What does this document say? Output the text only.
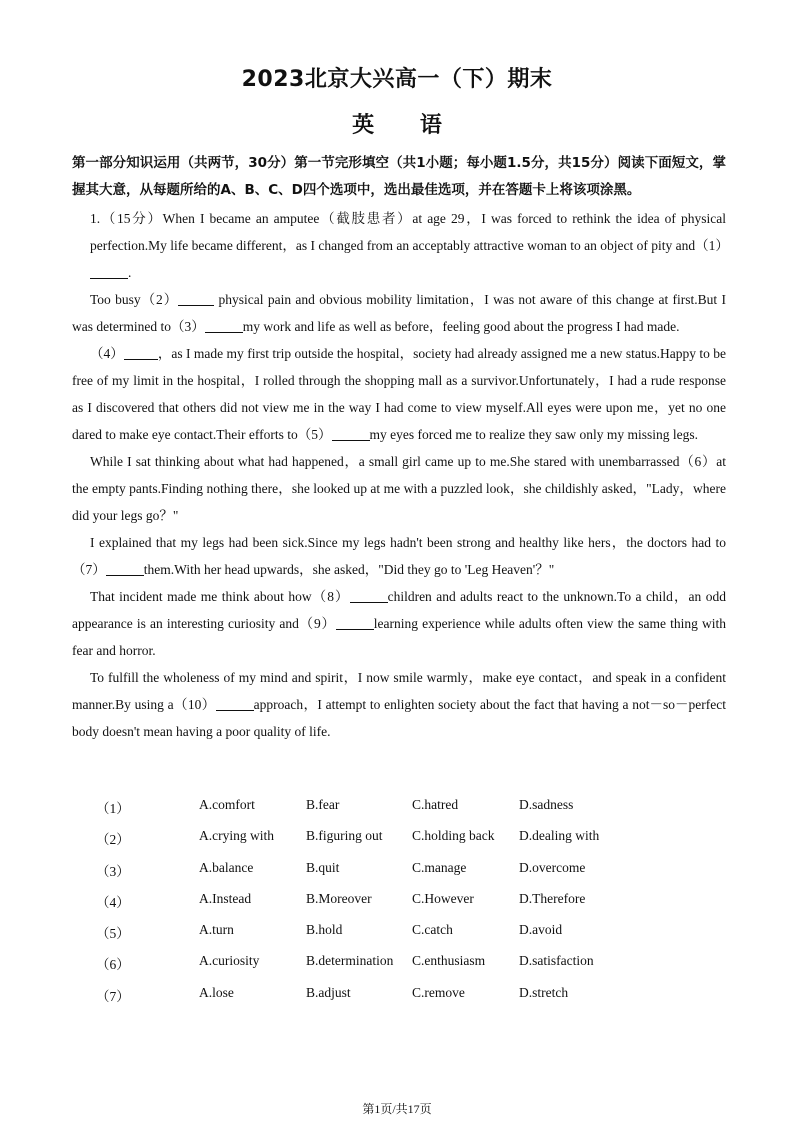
2023北京大兴高一（下）期末
英 语
第一部分知识运用（共两节，30分）第一节完形填空（共1小题；每小题1.5分，共15分）阅读下面短文，掌握其大意，从每题所给的A、B、C、D四个选项中，选出最佳选项，并在答题卡上将该项涂黑。

1.（15分）When I became an amputee（截肢患者）at age 29，I was forced to rethink the idea of physical perfection.My life became different，as I changed from an acceptably attractive woman to an object of pity and（1）.

Too busy（2）	physical pain and obvious mobility limitation，I was not aware of this change at first.But I was determined to（3）	my work and life as well as before，feeling good about the progress I had made.

（4）	，as I made my first trip outside the hospital，society had already assigned me a new status.Happy to be free of my limit in the hospital，I rolled through the shopping mall as a survivor.Unfortunately，I had a rude response as I discovered that others did not view me in the way I had come to view myself.All eyes were upon me，yet no one dared to make eye contact.Their efforts to（5）	my eyes forced me to realize they saw only my missing legs.

While I sat thinking about what had happened，a small girl came up to me.She stared with unembarrassed（6）at the empty pants.Finding nothing there，she looked up at me with a puzzled look，she childishly asked，"Lady，where did your legs go？"

I explained that my legs had been sick.Since my legs hadn't been strong and healthy like hers，the doctors had to（7）	them.With her head upwards，she asked，"Did they go to 'Leg Heaven'？"

That incident made me think about how（8）	children and adults react to the unknown.To a child，an odd appearance is an interesting curiosity and（9）	learning experience while adults often view the same thing with fear and horror.

To fulfill the wholeness of my mind and spirit，I now smile warmly，make eye contact，and speak in a confident manner.By using a（10）	approach，I attempt to enlighten society about the fact that having a not－so－perfect body doesn't mean having a poor quality of life.

（1）	A.comfort	B.fear	C.hatred	D.sadness
（2）	A.crying with B.figuring out C.holding back D.dealing with
（3）	A.balance	B.quit	C.manage	D.overcome
（4）	A.Instead	B.Moreover	C.However	D.Therefore
（5）	A.turn	B.hold	C.catch	D.avoid
（6）	A.curiosity	B.determination C.enthusiasm	D.satisfaction
（7）	A.lose	B.adjust	C.remove	D.stretch
第1页/共17页
